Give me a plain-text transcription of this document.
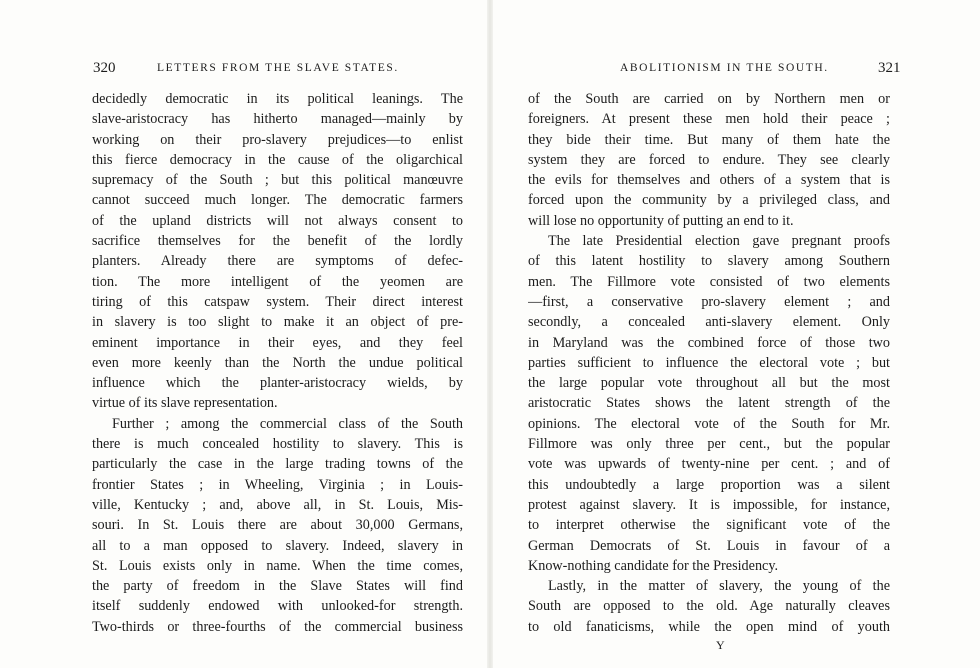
320	LETTERS FROM THE SLAVE STATES.
decidedly democratic in its political leanings. The
slave-aristocracy has hitherto managed—mainly by
working on their pro-slavery prejudices—to enlist
this fierce democracy in the cause of the oligarchical
supremacy of the South ; but this political manœuvre
cannot succeed much longer. The democratic farmers
of the upland districts will not always consent to
sacrifice themselves for the benefit of the lordly
planters. Already there are symptoms of defec-
tion. The more intelligent of the yeomen are
tiring of this catspaw system. Their direct interest
in slavery is too slight to make it an object of pre-
eminent importance in their eyes, and they feel
even more keenly than the North the undue political
influence which the planter-aristocracy wields, by
virtue of its slave representation.
Further ; among the commercial class of the South
there is much concealed hostility to slavery. This is
particularly the case in the large trading towns of the
frontier States ; in Wheeling, Virginia ; in Louis-
ville, Kentucky ; and, above all, in St. Louis, Mis-
souri. In St. Louis there are about 30,000 Germans,
all to a man opposed to slavery. Indeed, slavery in
St. Louis exists only in name. When the time comes,
the party of freedom in the Slave States will find
itself suddenly endowed with unlooked-for strength.
Two-thirds or three-fourths of the commercial business
ABOLITIONISM IN THE SOUTH.	321
of the South are carried on by Northern men or
foreigners. At present these men hold their peace ;
they bide their time. But many of them hate the
system they are forced to endure. They see clearly
the evils for themselves and others of a system that is
forced upon the community by a privileged class, and
will lose no opportunity of putting an end to it.
The late Presidential election gave pregnant proofs
of this latent hostility to slavery among Southern
men. The Fillmore vote consisted of two elements
—first, a conservative pro-slavery element ; and
secondly, a concealed anti-slavery element. Only
in Maryland was the combined force of those two
parties sufficient to influence the electoral vote ; but
the large popular vote throughout all but the most
aristocratic States shows the latent strength of the
opinions. The electoral vote of the South for Mr.
Fillmore was only three per cent., but the popular
vote was upwards of twenty-nine per cent. ; and of
this undoubtedly a large proportion was a silent
protest against slavery. It is impossible, for instance,
to interpret otherwise the significant vote of the
German Democrats of St. Louis in favour of a
Know-nothing candidate for the Presidency.
Lastly, in the matter of slavery, the young of the
South are opposed to the old. Age naturally cleaves
to old fanaticisms, while the open mind of youth
Y
